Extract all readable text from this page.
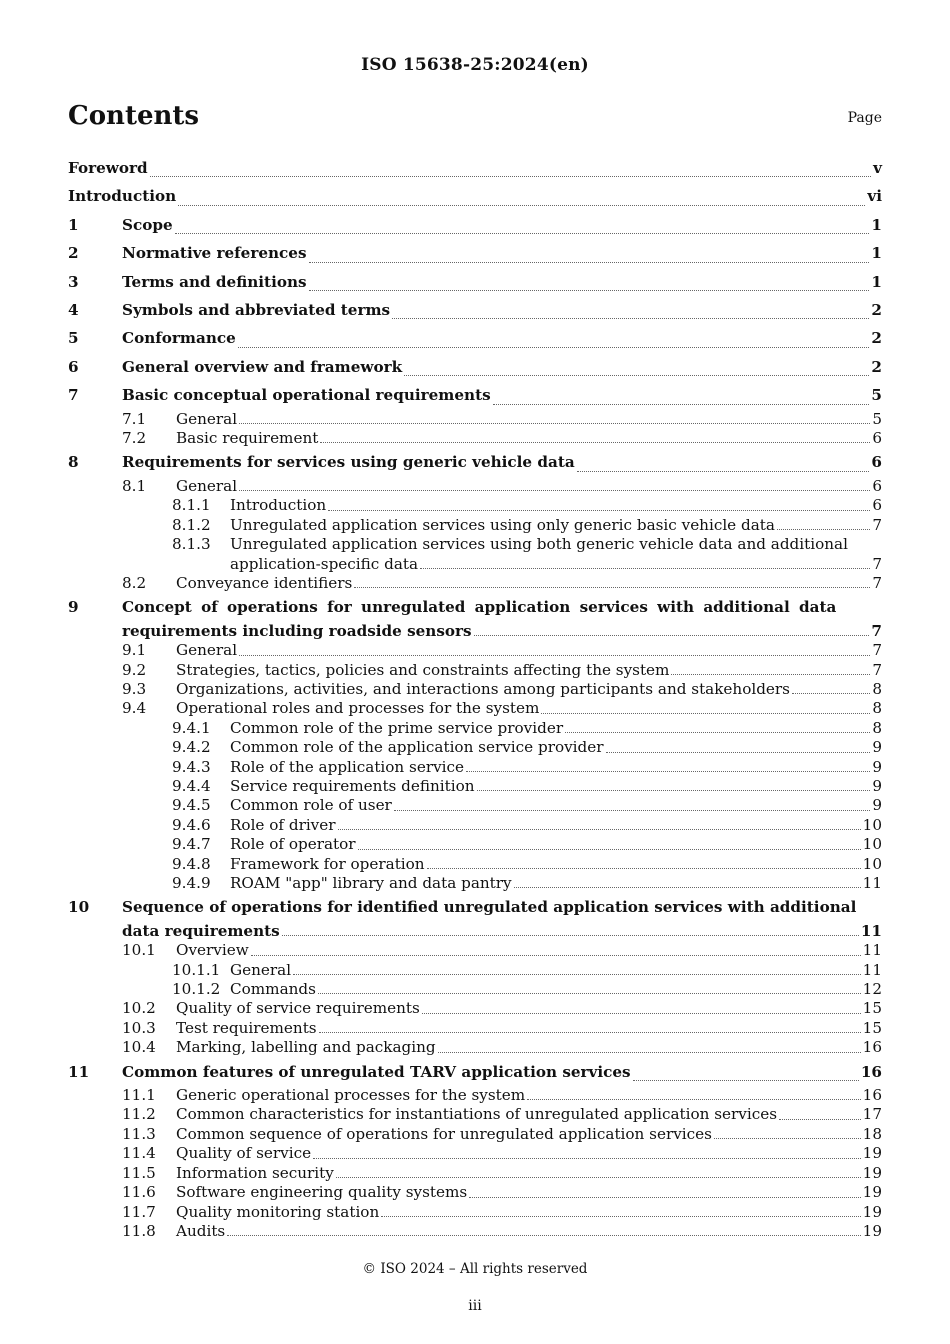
ISO 15638-25:2024(en)
Contents	Page
Foreword	v
Introduction	vi
1	Scope	1
2	Normative references	1
3	Terms and definitions	1
4	Symbols and abbreviated terms	2
5	Conformance	2
6	General overview and framework	2
7	Basic conceptual operational requirements	5
7.1	General	5
7.2	Basic requirement	6
8	Requirements for services using generic vehicle data	6
8.1	General	6
8.1.1	Introduction	6
8.1.2	Unregulated application services using only generic basic vehicle data	7
8.1.3	Unregulated application services using both generic vehicle data and additional
application-specific data	7
8.2	Conveyance identifiers	7
9	Concept of operations for unregulated application services with additional data
requirements including roadside sensors	7
9.1	General	7
9.2	Strategies, tactics, policies and constraints affecting the system	7
9.3	Organizations, activities, and interactions among participants and stakeholders	8
9.4	Operational roles and processes for the system	8
9.4.1	Common role of the prime service provider	8
9.4.2	Common role of the application service provider	9
9.4.3	Role of the application service	9
9.4.4	Service requirements definition	9
9.4.5	Common role of user	9
9.4.6	Role of driver	10
9.4.7	Role of operator	10
9.4.8	Framework for operation	10
9.4.9	ROAM "app" library and data pantry	11
10	Sequence of operations for identified unregulated application services with additional
data requirements	11
10.1	Overview	11
10.1.1 General	11
10.1.2 Commands	12
10.2	Quality of service requirements	15
10.3	Test requirements	15
10.4	Marking, labelling and packaging	16
11	Common features of unregulated TARV application services	16
11.1	Generic operational processes for the system	16
11.2	Common characteristics for instantiations of unregulated application services	17
11.3	Common sequence of operations for unregulated application services	18
11.4	Quality of service	19
11.5	Information security	19
11.6	Software engineering quality systems	19
11.7	Quality monitoring station	19
11.8	Audits	19
© ISO 2024 – All rights reserved
iii
